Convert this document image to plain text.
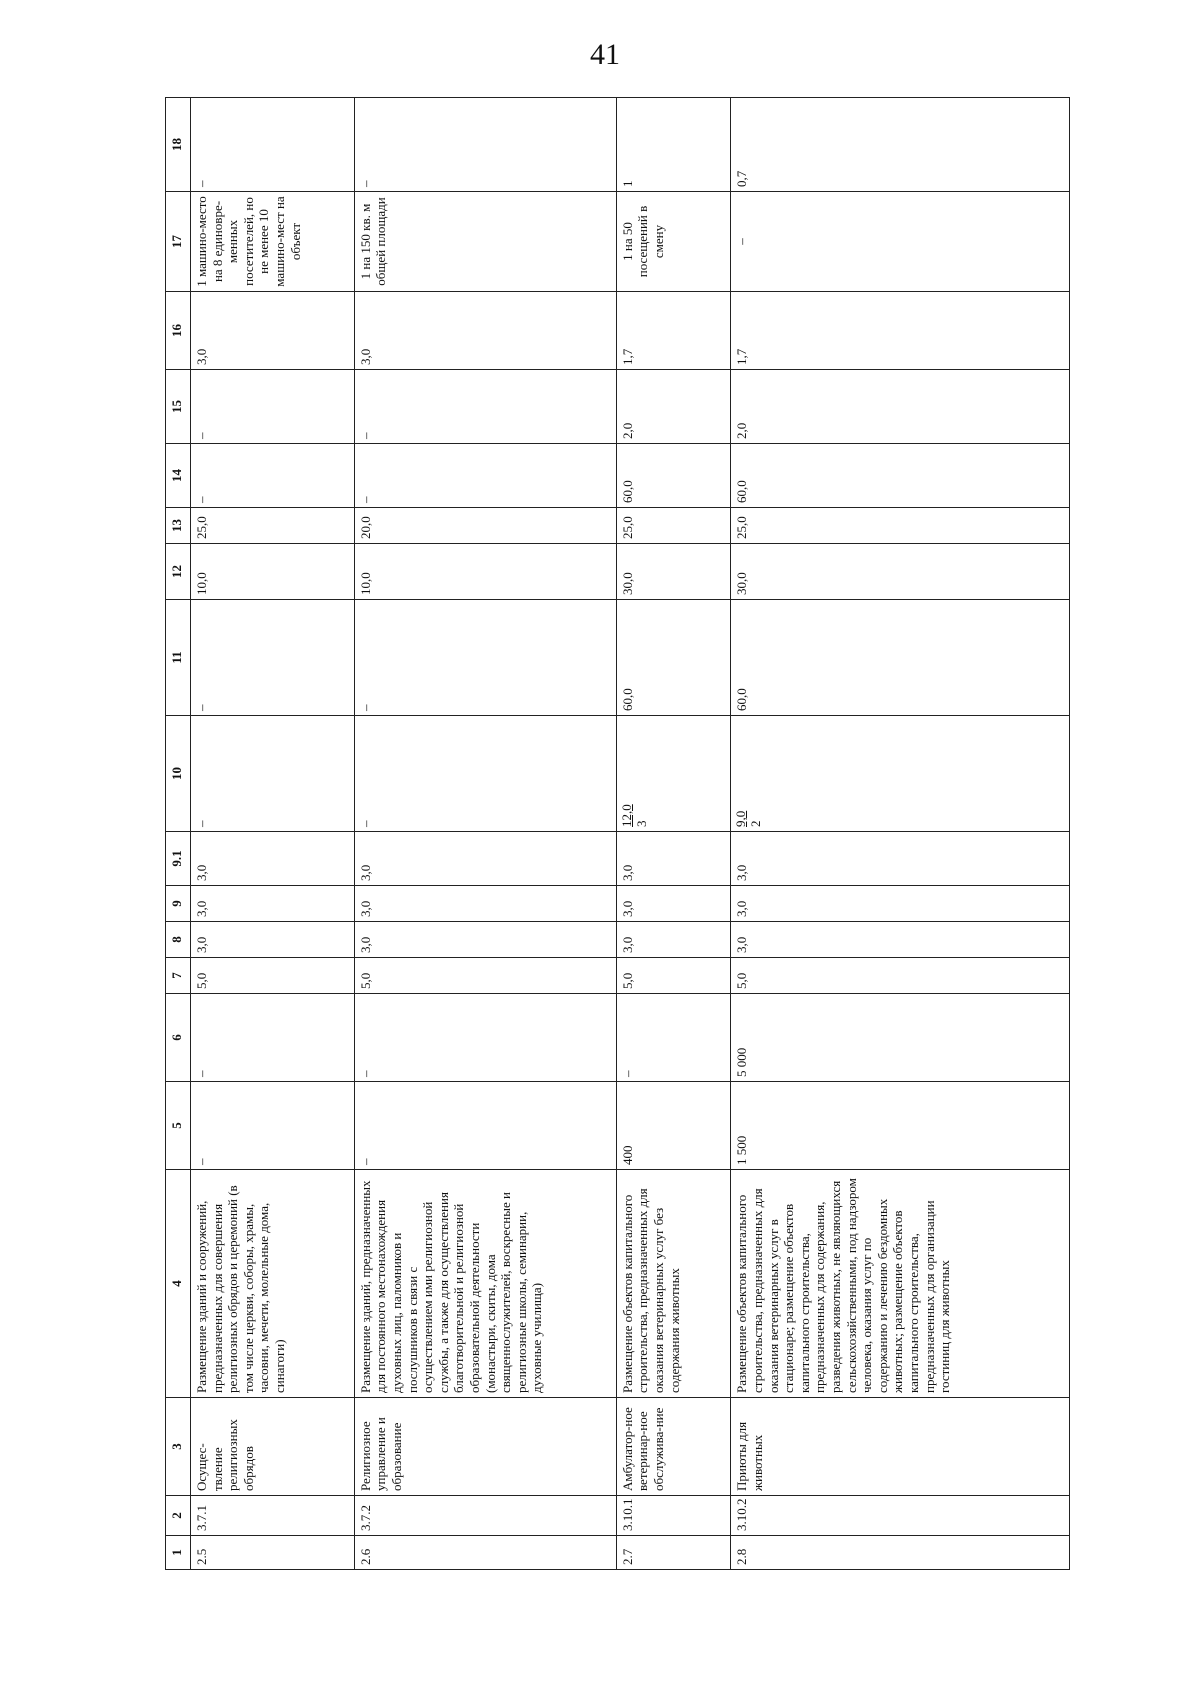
41
1	2	3	4	5	6	7	8	9	9.1	10	11	12	13	14	15	16	17	18
2.5	3.7.1	Осущес-твление религиозных обрядов	Размещение зданий и сооружений, предназначенных для совершения религиозных обрядов и церемоний (в том числе церкви, соборы, храмы, часовни, мечети, молельные дома, синагоги)	–	–	5,0	3,0	3,0	3,0	–	–	10,0	25,0	–	–	3,0	1 машино-место на 8 единовре-менных посетителей, но не менее 10 машино-мест на объект	–
2.6	3.7.2	Религиозное управление и образование	Размещение зданий, предназначенных для постоянного местонахождения духовных лиц, паломников и послушников в связи с осуществлением ими религиозной службы, а также для осуществления благотворительной и религиозной образовательной деятельности (монастыри, скиты, дома священнослужителей, воскресные и религиозные школы, семинарии, духовные училища)	–	–	5,0	3,0	3,0	3,0	–	–	10,0	20,0	–	–	3,0	1 на 150 кв. м общей площади	–
2.7	3.10.1	Амбулатор-ное ветеринар-ное обслужива-ние	Размещение объектов капитального строительства, предназначенных для оказания ветеринарных услуг без содержания животных	400	–	5,0	3,0	3,0	3,0	12,0 3	60,0	30,0	25,0	60,0	2,0	1,7	1 на 50 посещений в смену	1
2.8	3.10.2	Приюты для животных	Размещение объектов капитального строительства, предназначенных для оказания ветеринарных услуг в стационаре; размещение объектов капитального строительства, предназначенных для содержания, разведения животных, не являющихся сельскохозяйственными, под надзором человека, оказания услуг по содержанию и лечению бездомных животных; размещение объектов капитального строительства, предназначенных для организации гостиниц для животных	1 500	5 000	5,0	3,0	3,0	3,0	9,0 2	60,0	30,0	25,0	60,0	2,0	1,7	–	0,7
